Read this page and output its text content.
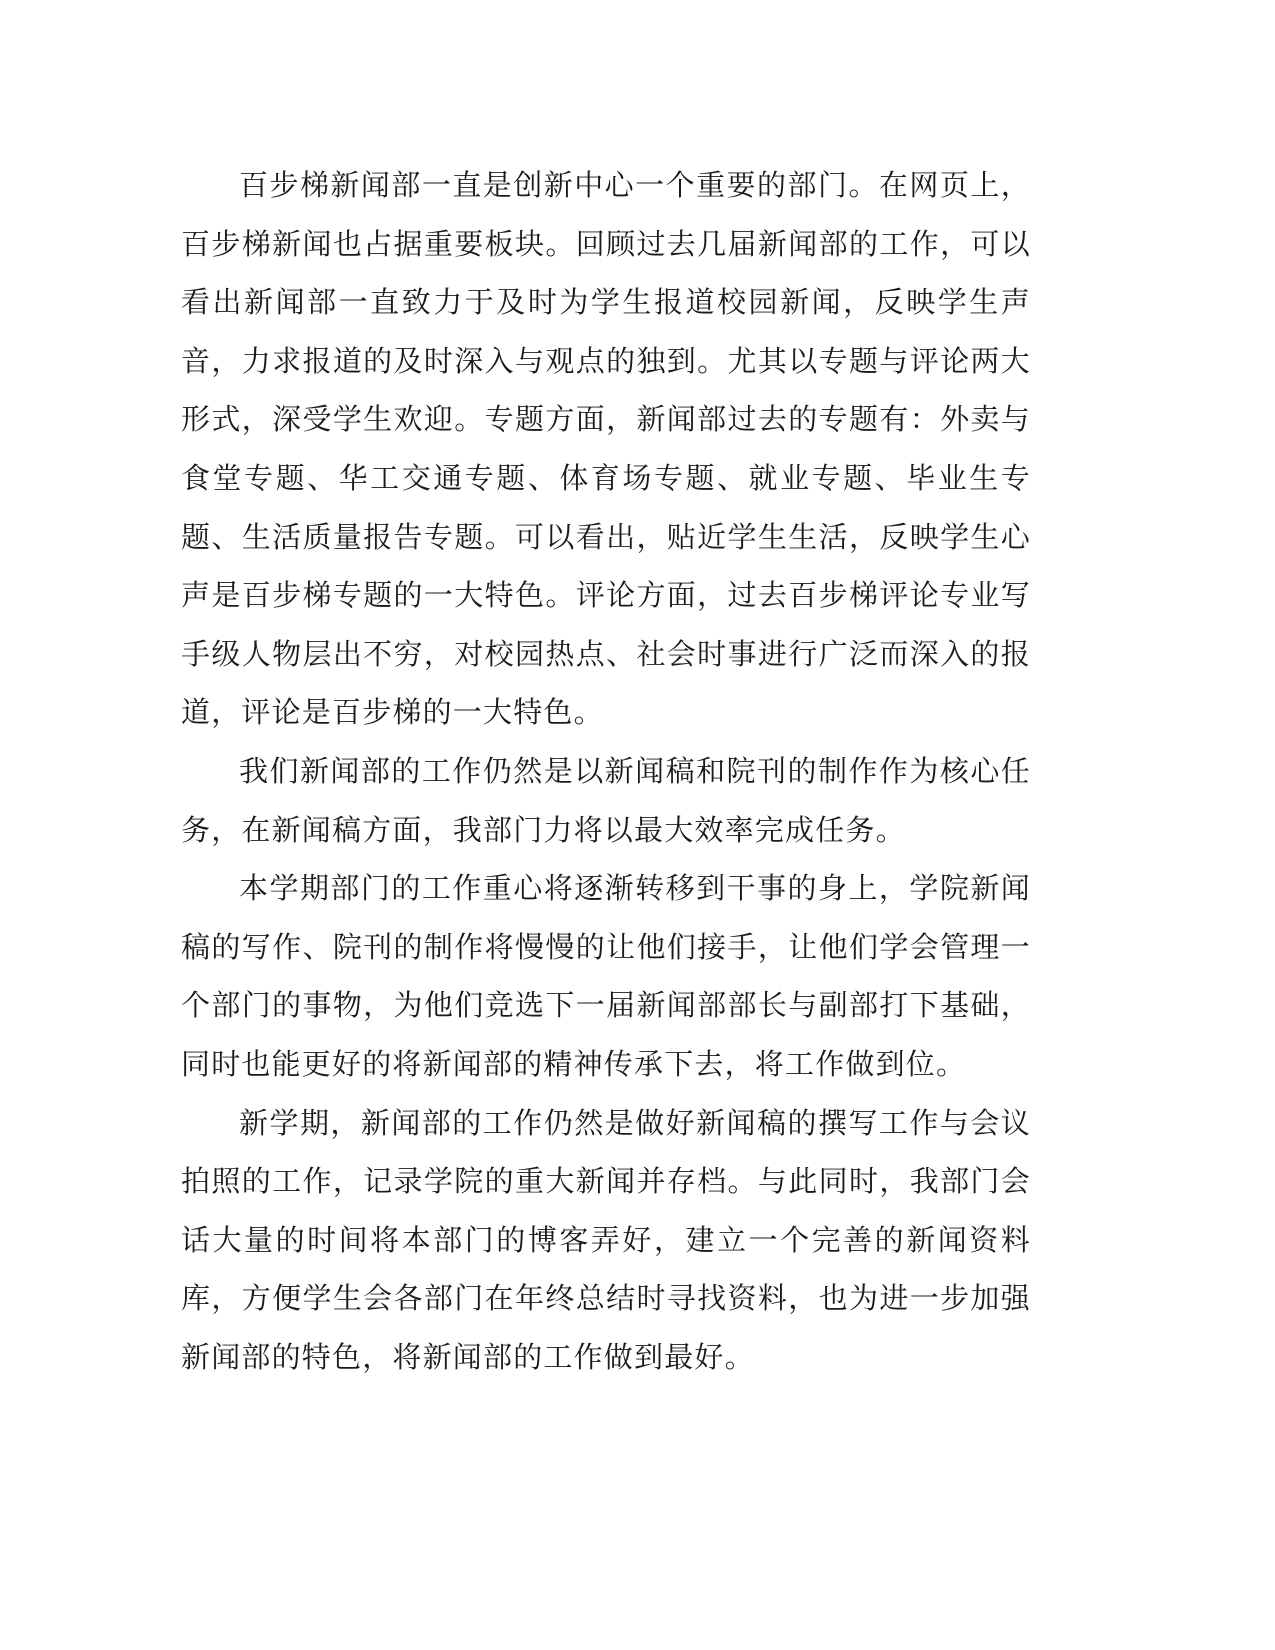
百步梯新闻部一直是创新中心一个重要的部门。在网页上，百步梯新闻也占据重要板块。回顾过去几届新闻部的工作，可以看出新闻部一直致力于及时为学生报道校园新闻，反映学生声音，力求报道的及时深入与观点的独到。尤其以专题与评论两大形式，深受学生欢迎。专题方面，新闻部过去的专题有：外卖与食堂专题、华工交通专题、体育场专题、就业专题、毕业生专题、生活质量报告专题。可以看出，贴近学生生活，反映学生心声是百步梯专题的一大特色。评论方面，过去百步梯评论专业写手级人物层出不穷，对校园热点、社会时事进行广泛而深入的报道，评论是百步梯的一大特色。

我们新闻部的工作仍然是以新闻稿和院刊的制作作为核心任务，在新闻稿方面，我部门力将以最大效率完成任务。

本学期部门的工作重心将逐渐转移到干事的身上，学院新闻稿的写作、院刊的制作将慢慢的让他们接手，让他们学会管理一个部门的事物，为他们竞选下一届新闻部部长与副部打下基础，同时也能更好的将新闻部的精神传承下去，将工作做到位。

新学期，新闻部的工作仍然是做好新闻稿的撰写工作与会议拍照的工作，记录学院的重大新闻并存档。与此同时，我部门会话大量的时间将本部门的博客弄好，建立一个完善的新闻资料库，方便学生会各部门在年终总结时寻找资料，也为进一步加强新闻部的特色，将新闻部的工作做到最好。
